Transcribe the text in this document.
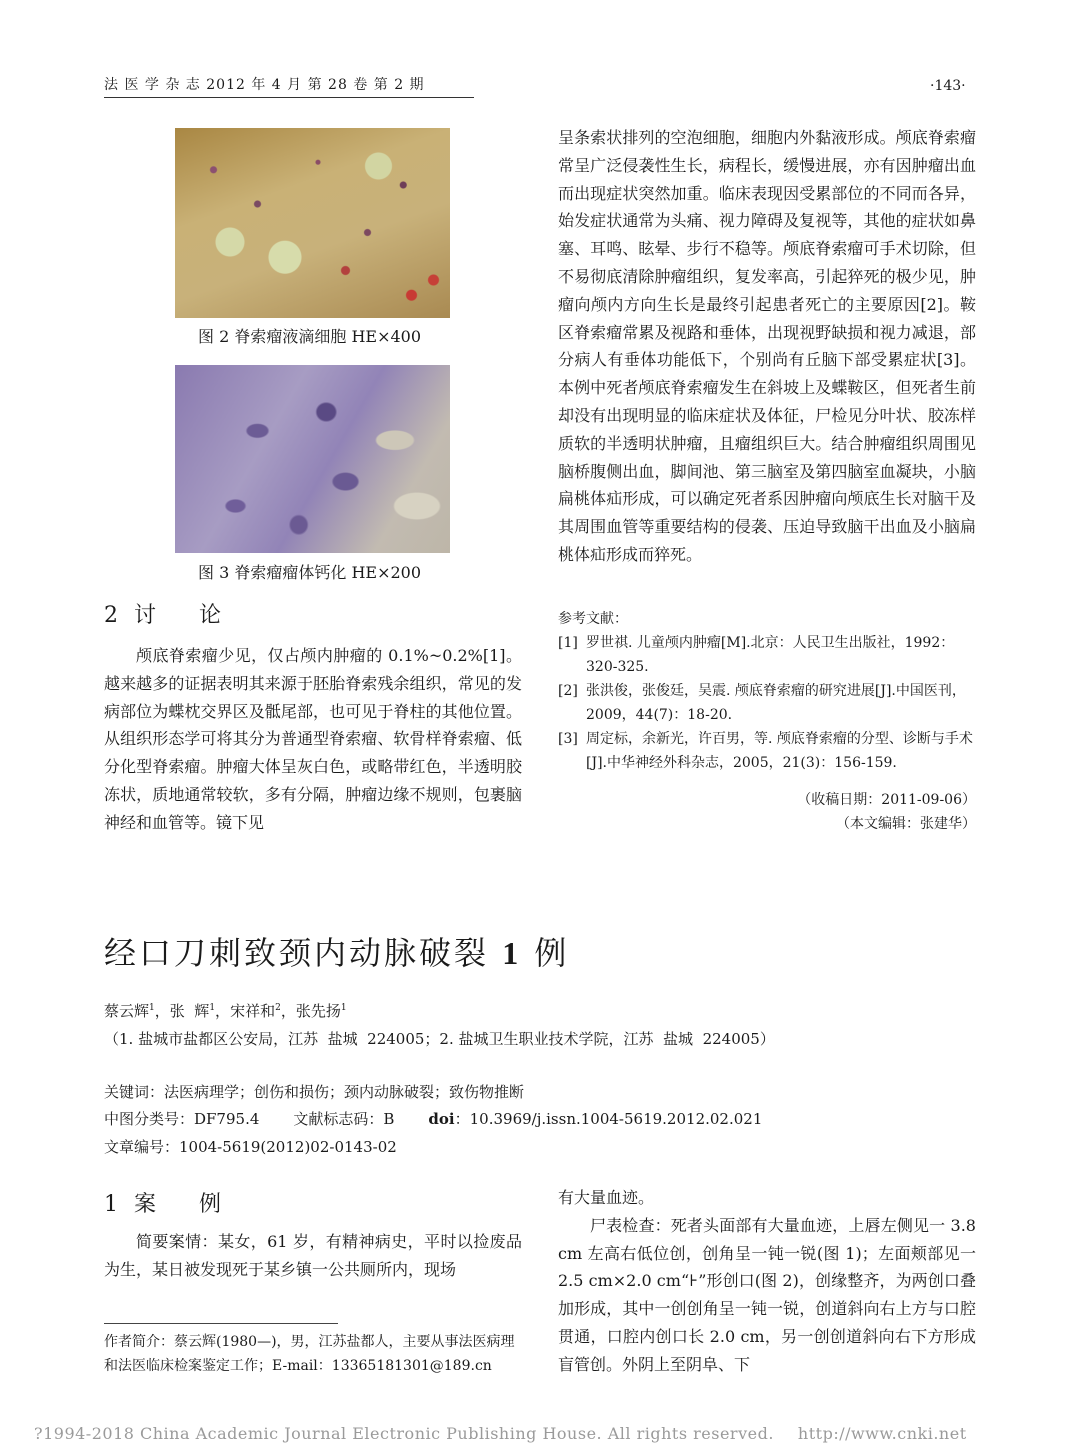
法 医 学 杂 志 2012 年 4 月 第 28 卷 第 2 期	·143·
图 2 脊索瘤液滴细胞 HE×400
图 3 脊索瘤瘤体钙化 HE×200
2 讨 论
颅底脊索瘤少见，仅占颅内肿瘤的 0.1%~0.2%[1]。越来越多的证据表明其来源于胚胎脊索残余组织，常见的发病部位为蝶枕交界区及骶尾部，也可见于脊柱的其他位置。从组织形态学可将其分为普通型脊索瘤、软骨样脊索瘤、低分化型脊索瘤。肿瘤大体呈灰白色，或略带红色，半透明胶冻状，质地通常较软，多有分隔，肿瘤边缘不规则，包裹脑神经和血管等。镜下见
呈条索状排列的空泡细胞，细胞内外黏液形成。颅底脊索瘤常呈广泛侵袭性生长，病程长，缓慢进展，亦有因肿瘤出血而出现症状突然加重。临床表现因受累部位的不同而各异，始发症状通常为头痛、视力障碍及复视等，其他的症状如鼻塞、耳鸣、眩晕、步行不稳等。颅底脊索瘤可手术切除，但不易彻底清除肿瘤组织，复发率高，引起猝死的极少见，肿瘤向颅内方向生长是最终引起患者死亡的主要原因[2]。鞍区脊索瘤常累及视路和垂体，出现视野缺损和视力减退，部分病人有垂体功能低下，个别尚有丘脑下部受累症状[3]。本例中死者颅底脊索瘤发生在斜坡上及蝶鞍区，但死者生前却没有出现明显的临床症状及体征，尸检见分叶状、胶冻样质软的半透明状肿瘤，且瘤组织巨大。结合肿瘤组织周围见脑桥腹侧出血，脚间池、第三脑室及第四脑室血凝块，小脑扁桃体疝形成，可以确定死者系因肿瘤向颅底生长对脑干及其周围血管等重要结构的侵袭、压迫导致脑干出血及小脑扁桃体疝形成而猝死。
参考文献：
[1] 罗世祺. 儿童颅内肿瘤[M].北京：人民卫生出版社，1992：320-325.
[2] 张洪俊，张俊廷，吴震. 颅底脊索瘤的研究进展[J].中国医刊，2009，44(7)：18-20.
[3] 周定标，余新光，许百男，等. 颅底脊索瘤的分型、诊断与手术[J].中华神经外科杂志，2005，21(3)：156-159.
（收稿日期：2011-09-06）
（本文编辑：张建华）
经口刀刺致颈内动脉破裂 1 例
蔡云辉$^1$，张  辉$^1$，宋祥和$^2$，张先扬$^1$
（1. 盐城市盐都区公安局，江苏  盐城  224005；2. 盐城卫生职业技术学院，江苏  盐城  224005）
关键词：法医病理学；创伤和损伤；颈内动脉破裂；致伤物推断
中图分类号：DF795.4 文献标志码：B doi：10.3969/j.issn.1004-5619.2012.02.021
文章编号：1004-5619(2012)02-0143-02
1 案 例
简要案情：某女，61 岁，有精神病史，平时以捡废品为生，某日被发现死于某乡镇一公共厕所内，现场
有大量血迹。
尸表检查：死者头面部有大量血迹，上唇左侧见一 3.8 cm 左高右低位创，创角呈一钝一锐(图 1)；左面颊部见一 2.5 cm×2.0 cm“⊦”形创口(图 2)，创缘整齐，为两创口叠加形成，其中一创创角呈一钝一锐，创道斜向右上方与口腔贯通，口腔内创口长 2.0 cm，另一创创道斜向右下方形成盲管创。外阴上至阴阜、下
作者简介：蔡云辉(1980—)，男，江苏盐都人，主要从事法医病理和法医临床检案鉴定工作；E-mail：13365181301@189.cn
?1994-2018 China Academic Journal Electronic Publishing House. All rights reserved. http://www.cnki.net
